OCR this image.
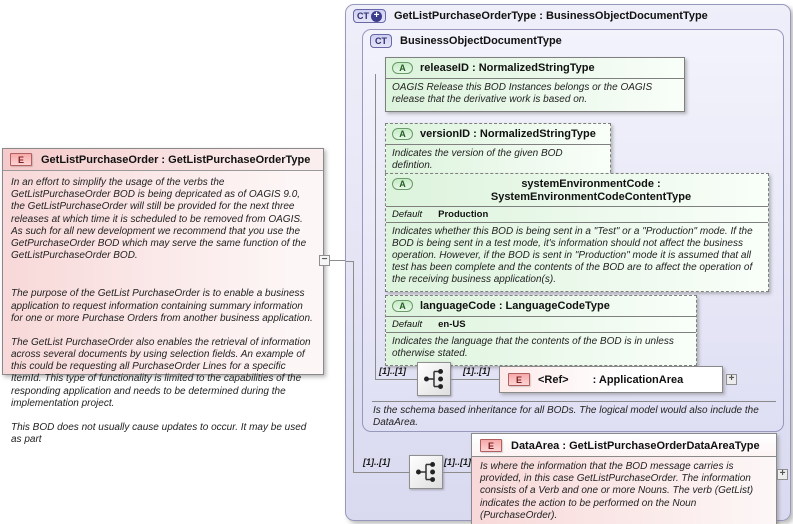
E	GetListPurchaseOrder : GetListPurchaseOrderType

In an effort to simplify the usage of the verbs the GetListPurchaseOrder BOD is being depricated as of OAGIS 9.0, the GetListPurchaseOrder will still be provided for the next three releases at which time it is scheduled to be removed from OAGIS. As such for all new development we recommend that you use the GetPurchaseOrder BOD which may serve the same function of the GetListPurchaseOrder BOD.

The purpose of the GetList PurchaseOrder is to enable a business application to request information containing summary information for one or more Purchase Orders from another business application.

The GetList PurchaseOrder also enables the retrieval of information across several documents by using selection fields. An example of this could be requesting all PurchaseOrder Lines for a specific ItemId. This type of functionality is limited to the capabilities of the responding application and needs to be determined during the implementation project.

This BOD does not usually cause updates to occur. It may be used as part

−
CT + GetListPurchaseOrderType : BusinessObjectDocumentType
[1]..[1]	[1]..[1]
E	DataArea : GetListPurchaseOrderDataAreaType
Is where the information that the BOD message carries is provided, in this case GetListPurchaseOrder. The information consists of a Verb and one or more Nouns. The verb (GetList) indicates the action to be performed on the Noun (PurchaseOrder).
+
CT	BusinessObjectDocumentType
A	releaseID : NormalizedStringType
OAGIS Release this BOD Instances belongs or the OAGIS release that the derivative work is based on.
A	versionID : NormalizedStringType
Indicates the version of the given BOD defintion.
A	systemEnvironmentCode : SystemEnvironmentCodeContentType
Default Production
Indicates whether this BOD is being sent in a "Test" or a "Production" mode. If the BOD is being sent in a test mode, it's information should not affect the business operation. However, if the BOD is sent in "Production" mode it is assumed that all test has been complete and the contents of the BOD are to affect the operation of the receiving business application(s).
A	languageCode : LanguageCodeType
Default en-US
Indicates the language that the contents of the BOD is in unless otherwise stated.
[1]..[1]	[1]..[1]
E	<Ref> : ApplicationArea	+
Is the schema based inheritance for all BODs. The logical model would also include the DataArea.
